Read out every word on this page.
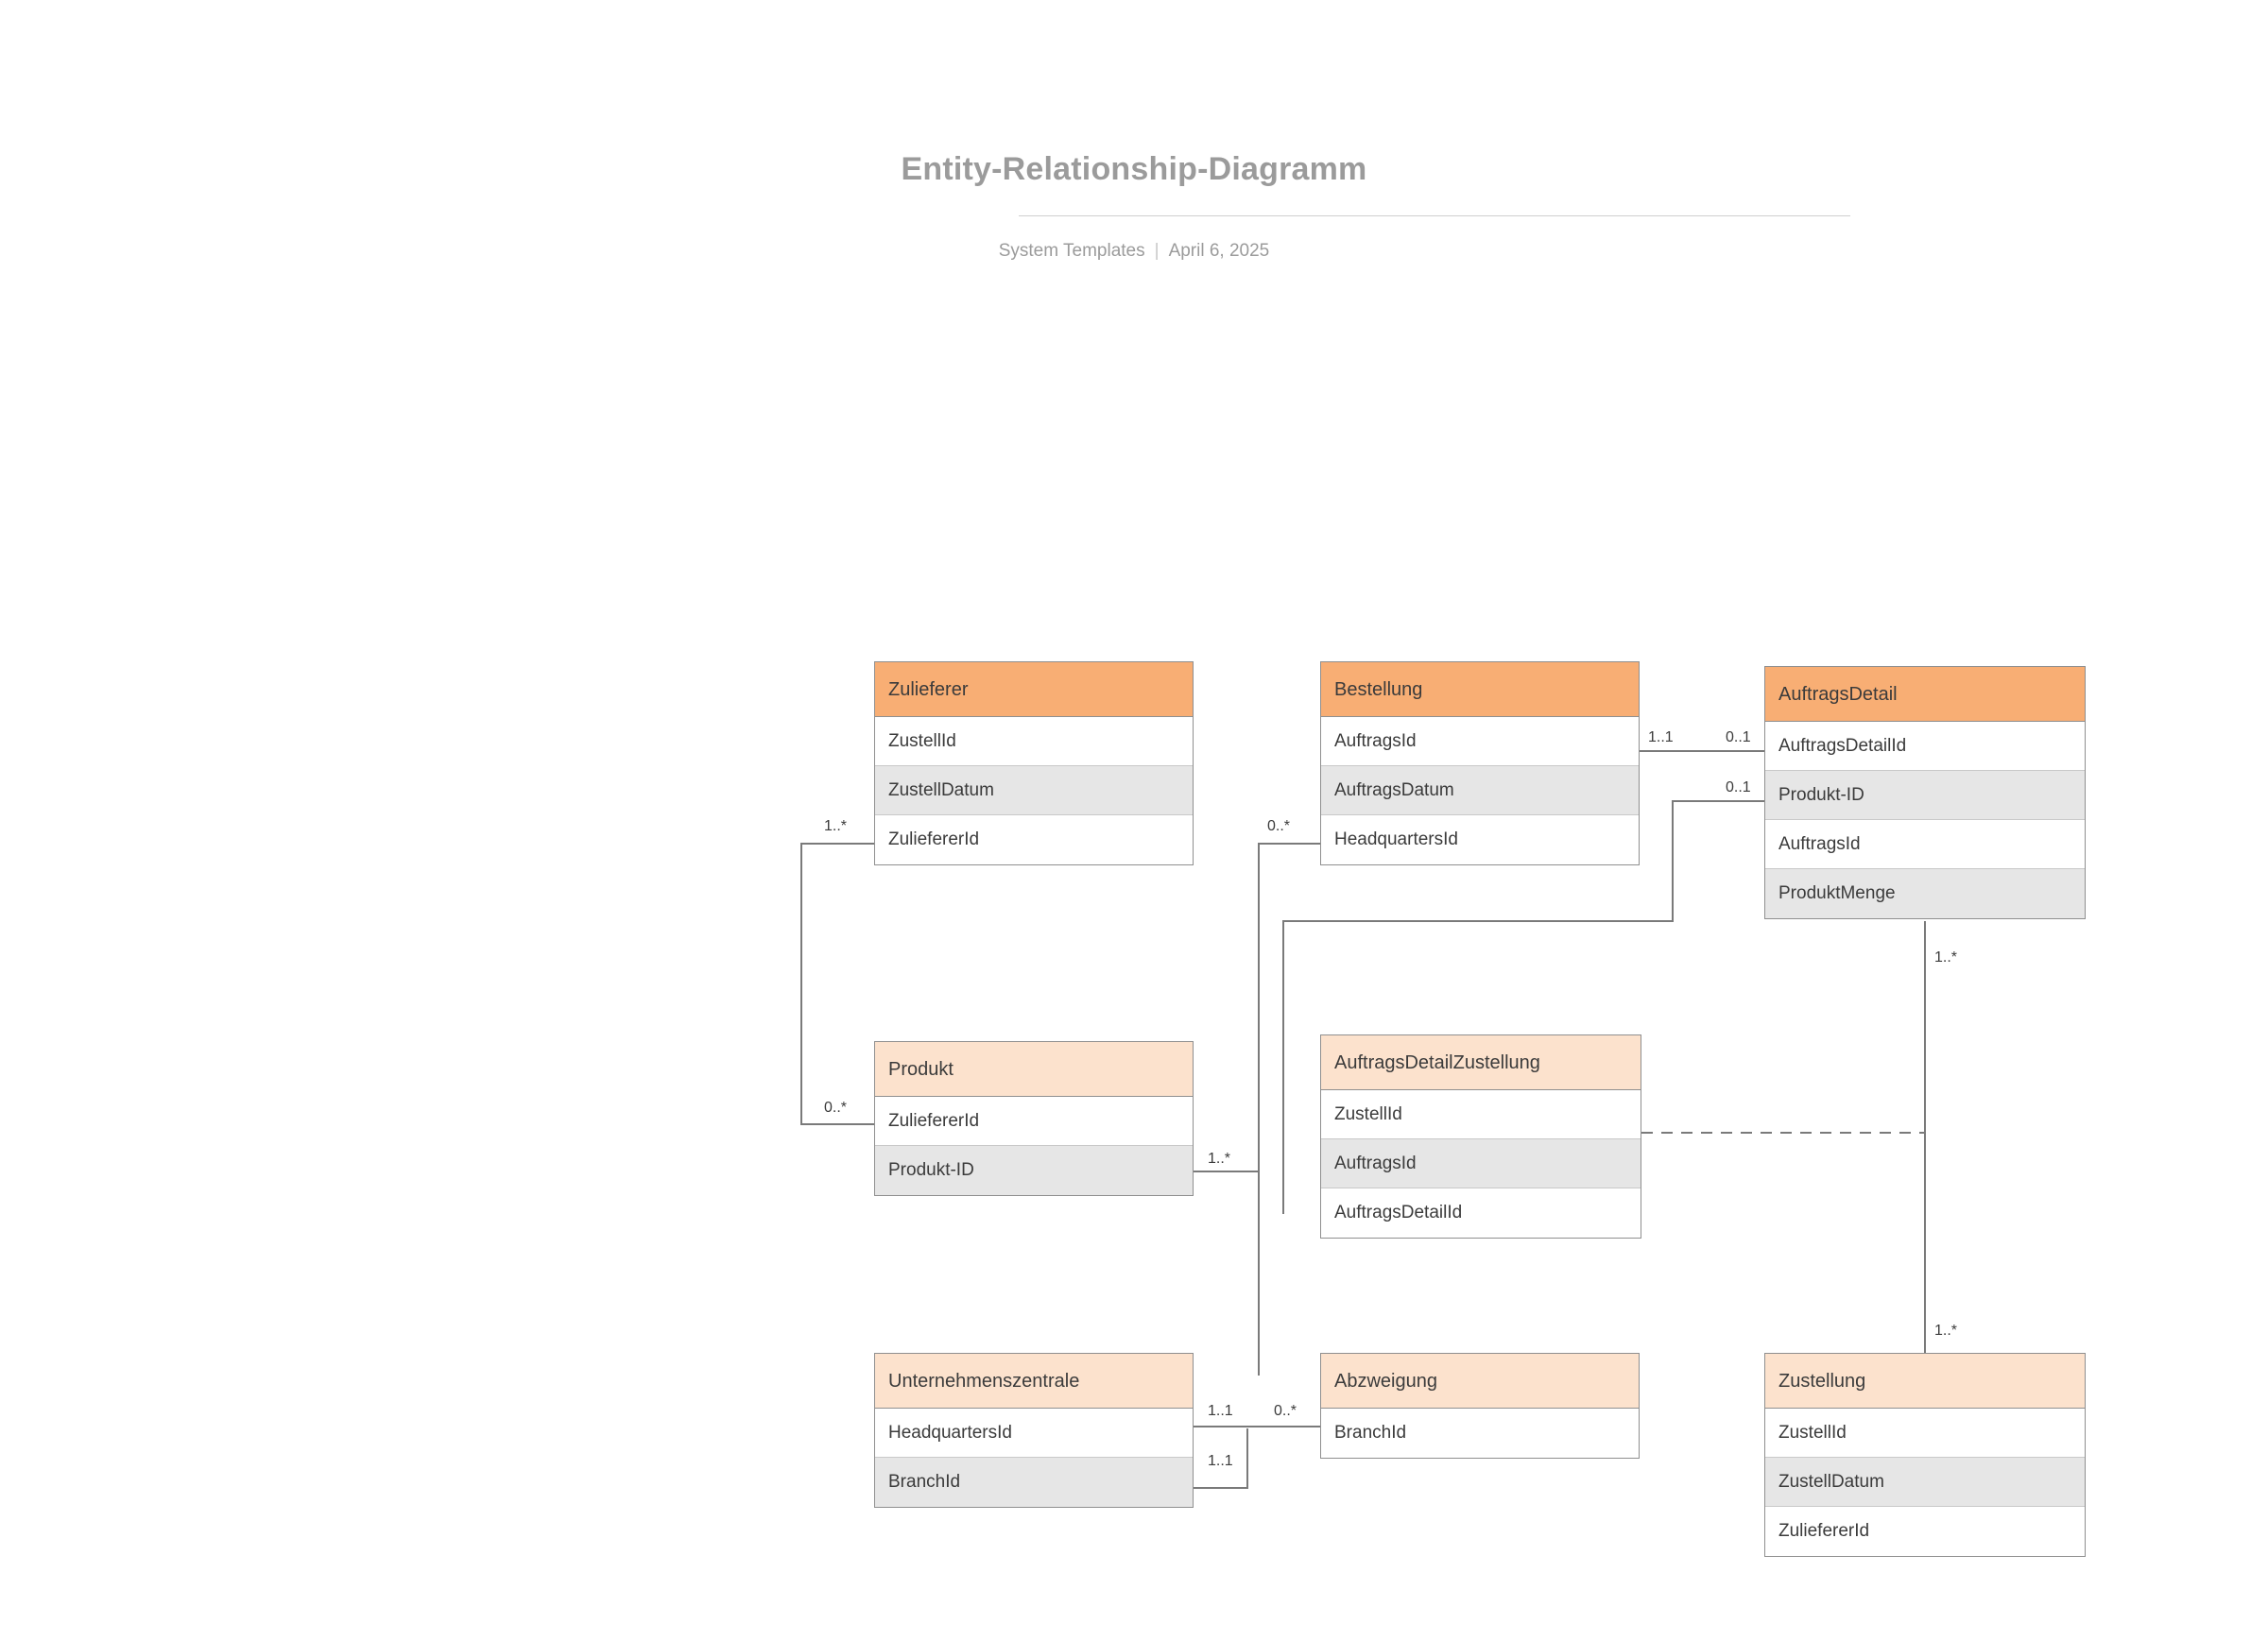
Entity-Relationship-Diagramm
System Templates | April 6, 2025
Zulieferer
ZustellId
ZustellDatum
ZuliefererId
Bestellung
AuftragsId
AuftragsDatum
HeadquartersId
AuftragsDetail
AuftragsDetailId
Produkt-ID
AuftragsId
ProduktMenge
Produkt
ZuliefererId
Produkt-ID
AuftragsDetailZustellung
ZustellId
AuftragsId
AuftragsDetailId
Unternehmenszentrale
HeadquartersId
BranchId
Abzweigung
BranchId
Zustellung
ZustellId
ZustellDatum
ZuliefererId
1..*
0..*
0..*
1..1	0..1
0..1
1..*
1..*
1..*
1..1
1..1
0..*
